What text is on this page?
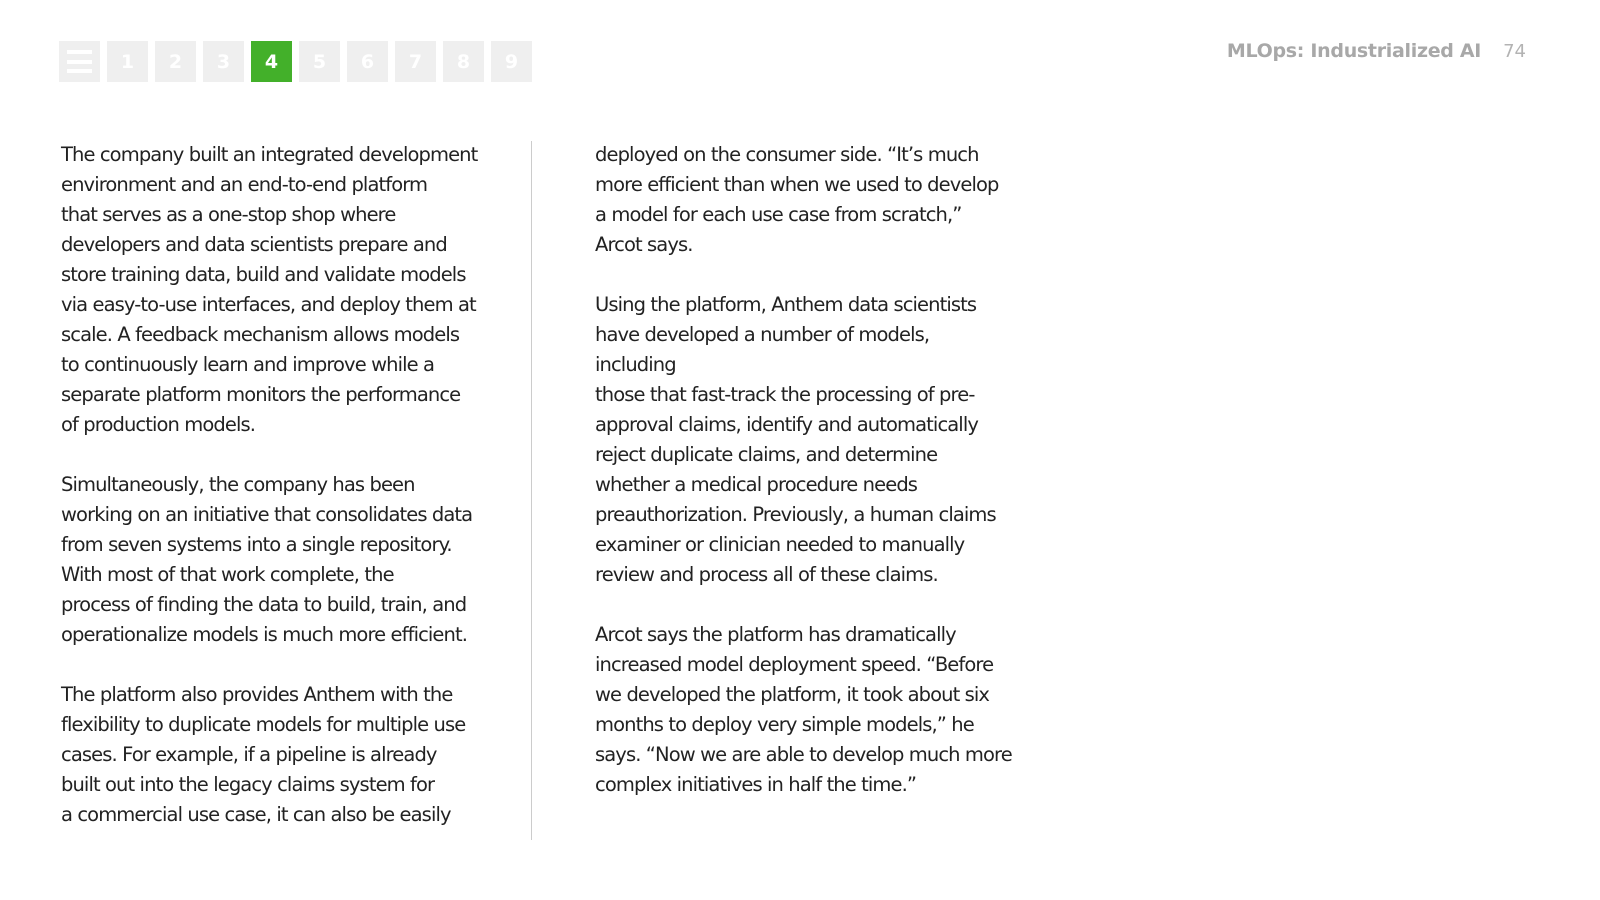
1	2	3	4	5	6	7	8	9	MLOps: Industrialized AI 74

The company built an integrated development
environment and an end-to-end platform
that serves as a one-stop shop where
developers and data scientists prepare and
store training data, build and validate models
via easy-to-use interfaces, and deploy them at
scale. A feedback mechanism allows models
to continuously learn and improve while a
separate platform monitors the performance
of production models.

Simultaneously, the company has been
working on an initiative that consolidates data
from seven systems into a single repository.
With most of that work complete, the
process of finding the data to build, train, and
operationalize models is much more efficient.

The platform also provides Anthem with the
flexibility to duplicate models for multiple use
cases. For example, if a pipeline is already
built out into the legacy claims system for
a commercial use case, it can also be easily

deployed on the consumer side. “It’s much
more efficient than when we used to develop
a model for each use case from scratch,”
Arcot says.

Using the platform, Anthem data scientists
have developed a number of models, including
those that fast-track the processing of pre-
approval claims, identify and automatically
reject duplicate claims, and determine
whether a medical procedure needs
preauthorization. Previously, a human claims
examiner or clinician needed to manually
review and process all of these claims.

Arcot says the platform has dramatically
increased model deployment speed. “Before
we developed the platform, it took about six
months to deploy very simple models,” he
says. “Now we are able to develop much more
complex initiatives in half the time.”
